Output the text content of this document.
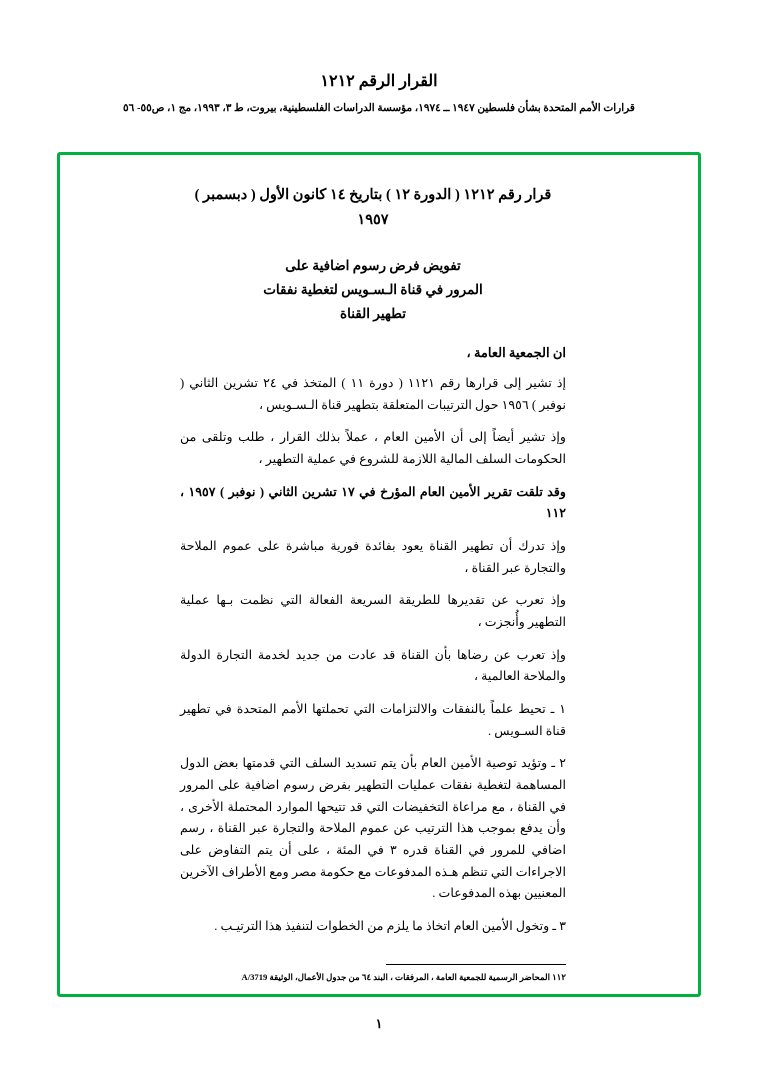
القرار الرقم ١٢١٢
قرارات الأمم المتحدة بشأن فلسطين ١٩٤٧ ــ ١٩٧٤، مؤسسة الدراسات الفلسطينية، بيروت، ط ٣، ١٩٩٣، مج ١، ص٥٥- ٥٦
قرار رقم ١٢١٢ ( الدورة ١٢ ) بتاريخ ١٤ كانون الأول ( دبسمبر ) ١٩٥٧
تفويض فرض رسوم اضافية على
المرور في قناة الـسـويس لتغطية نفقات
تطهير القناة
ان الجمعية العامة ،

إذ تشير إلى قرارها رقم ١١٢١ ( دورة ١١ ) المتخذ في ٢٤ تشرين الثاني ( نوفبر ) ١٩٥٦ حول الترتيبات المتعلقة بتطهير قناة الـسـويس ،

وإذ تشير أيضاً إلى أن الأمين العام ، عملاً بذلك القرار ، طلب وتلقى من الحكومات السلف المالية اللازمة للشروع في عملية التطهير ،

وقد تلقت تقرير الأمين العام المؤرخ في ١٧ تشرين الثاني ( نوفبر ) ١٩٥٧ ، ١١٢

وإذ تدرك أن تطهير القناة يعود بفائدة فورية مباشرة على عموم الملاحة والتجارة عبر القناة ،

وإذ تعرب عن تقديرها للطريقة السريعة الفعالة التي نظمت بـها عملية التطهير وأُنجزت ،

وإذ تعرب عن رضاها بأن القناة قد عادت من جديد لخدمة التجارة الدولة والملاحة العالمية ،

١ ـ تحيط علماً بالنفقات والالتزامات التي تحملتها الأمم المتحدة في تطهير قناة السـويس .

٢ ـ وتؤيد توصية الأمين العام بأن يتم تسديد السلف التي قدمتها بعض الدول المساهمة لتغطية نفقات عمليات التطهير بفرض رسوم اضافية على المرور في القناة ، مع مراعاة التخفيضات التي قد تتيحها الموارد المحتملة الأخرى ، وأن يدفع بموجب هذا الترتيب عن عموم الملاحة والتجارة عبر القناة ، رسم اضافي للمرور في القناة قدره ٣ في المئة ، على أن يتم التفاوض على الاجراءات التي تنظم هـذه المدفوعات مع حكومة مصر ومع الأطراف الآخرين المعنيين بهذه المدفوعات .

٣ ـ وتخول الأمين العام اتخاذ ما يلزم من الخطوات لتنفيذ هذا الترتيـب .

١١٢ المحاضر الرسمية للجمعية العامة ، المرفقات ، البند ٦٤ من جدول الأعمال، الوثيقة A/3719
١
